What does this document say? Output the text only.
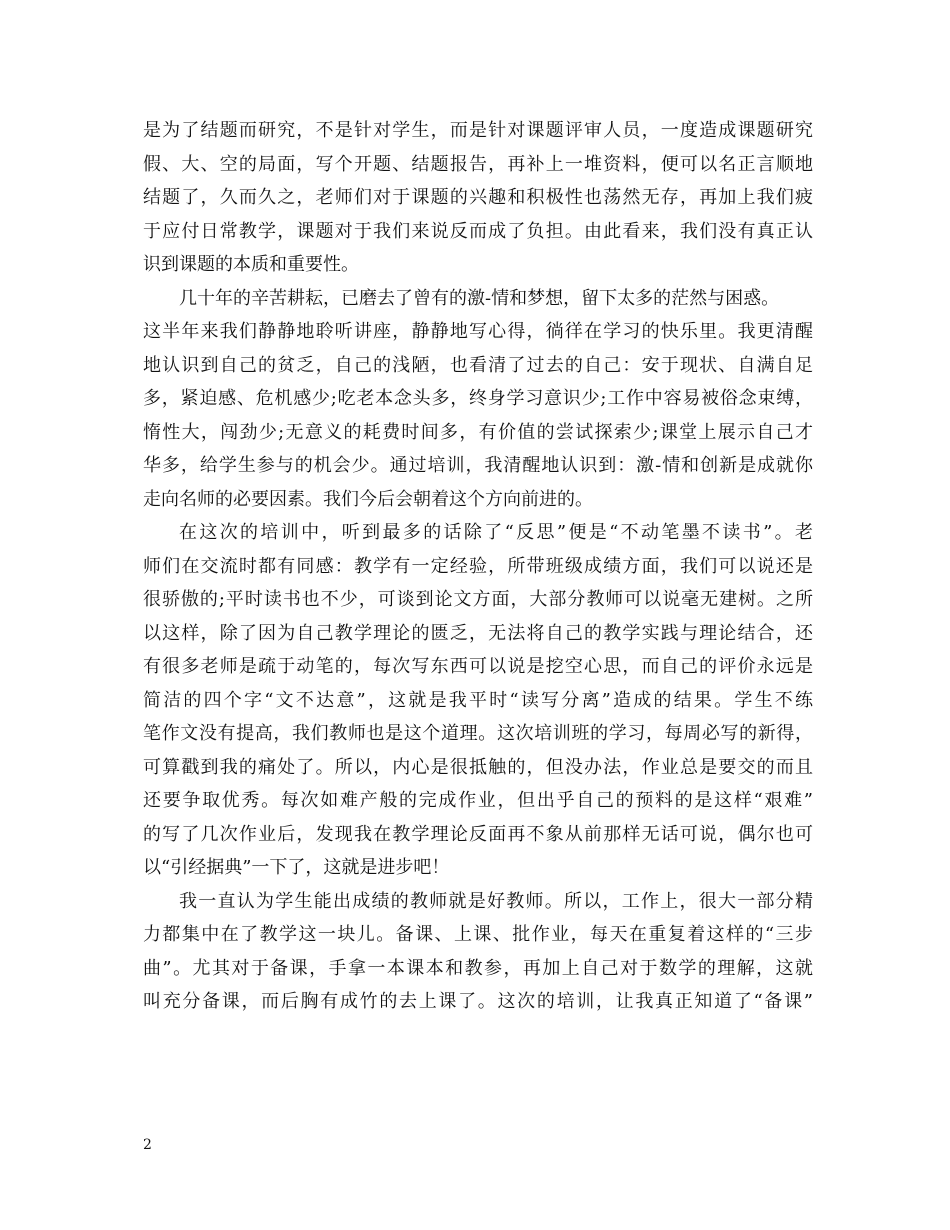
是为了结题而研究，不是针对学生，而是针对课题评审人员，一度造成课题研究
假、大、空的局面，写个开题、结题报告，再补上一堆资料，便可以名正言顺地
结题了，久而久之，老师们对于课题的兴趣和积极性也荡然无存，再加上我们疲
于应付日常教学，课题对于我们来说反而成了负担。由此看来，我们没有真正认
识到课题的本质和重要性。
几十年的辛苦耕耘，已磨去了曾有的激-情和梦想，留下太多的茫然与困惑。
这半年来我们静静地聆听讲座，静静地写心得，徜徉在学习的快乐里。我更清醒
地认识到自己的贫乏，自己的浅陋，也看清了过去的自己：安于现状、自满自足
多，紧迫感、危机感少;吃老本念头多，终身学习意识少;工作中容易被俗念束缚，
惰性大，闯劲少;无意义的耗费时间多，有价值的尝试探索少;课堂上展示自己才
华多，给学生参与的机会少。通过培训，我清醒地认识到：激-情和创新是成就你
走向名师的必要因素。我们今后会朝着这个方向前进的。
在这次的培训中，听到最多的话除了“反思”便是“不动笔墨不读书”。老
师们在交流时都有同感：教学有一定经验，所带班级成绩方面，我们可以说还是
很骄傲的;平时读书也不少，可谈到论文方面，大部分教师可以说毫无建树。之所
以这样，除了因为自己教学理论的匮乏，无法将自己的教学实践与理论结合，还
有很多老师是疏于动笔的，每次写东西可以说是挖空心思，而自己的评价永远是
简洁的四个字“文不达意”，这就是我平时“读写分离”造成的结果。学生不练
笔作文没有提高，我们教师也是这个道理。这次培训班的学习，每周必写的新得，
可算戳到我的痛处了。所以，内心是很抵触的，但没办法，作业总是要交的而且
还要争取优秀。每次如难产般的完成作业，但出乎自己的预料的是这样“艰难”
的写了几次作业后，发现我在教学理论反面再不象从前那样无话可说，偶尔也可
以“引经据典”一下了，这就是进步吧！
我一直认为学生能出成绩的教师就是好教师。所以，工作上，很大一部分精
力都集中在了教学这一块儿。备课、上课、批作业，每天在重复着这样的“三步
曲”。尤其对于备课，手拿一本课本和教参，再加上自己对于数学的理解，这就
叫充分备课，而后胸有成竹的去上课了。这次的培训，让我真正知道了“备课”
2
